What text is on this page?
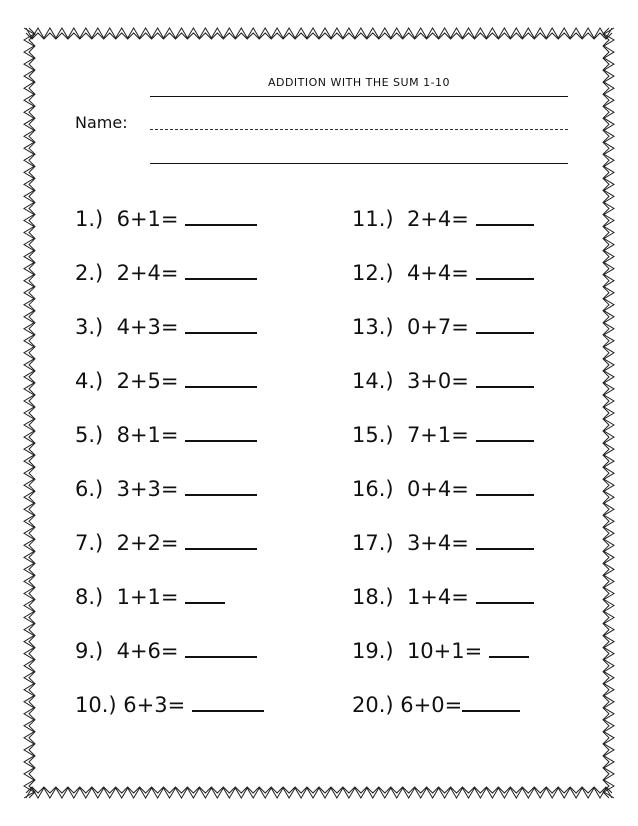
ADDITION WITH THE SUM 1-10
Name:
1.)  6+1=
2.)  2+4=
3.)  4+3=
4.)  2+5=
5.)  8+1=
6.)  3+3=
7.)  2+2=
8.)  1+1=
9.)  4+6=
10.) 6+3=
11.)  2+4=
12.)  4+4=
13.)  0+7=
14.)  3+0=
15.)  7+1=
16.)  0+4=
17.)  3+4=
18.)  1+4=
19.)  10+1=
20.) 6+0=
